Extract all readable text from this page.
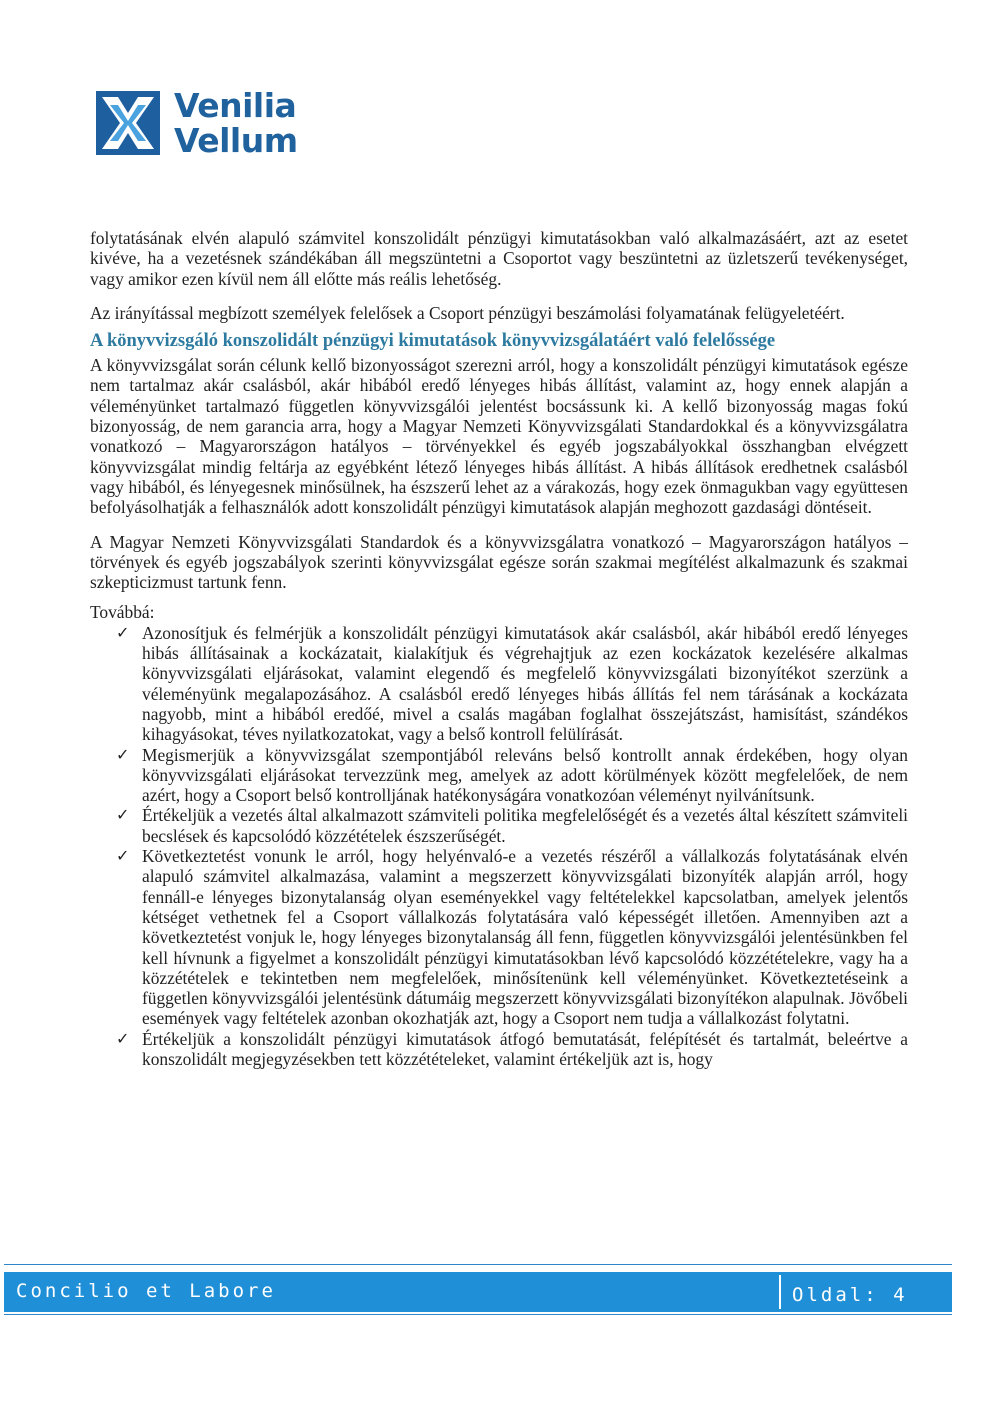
Venilia
Vellum

folytatásának elvén alapuló számvitel konszolidált pénzügyi kimutatásokban való alkalmazásáért, azt az esetet kivéve, ha a vezetésnek szándékában áll megszüntetni a Csoportot vagy beszüntetni az üzletszerű tevékenységet, vagy amikor ezen kívül nem áll előtte más reális lehetőség.

Az irányítással megbízott személyek felelősek a Csoport pénzügyi beszámolási folyamatának felügyeletéért.

A könyvvizsgáló konszolidált pénzügyi kimutatások könyvvizsgálatáért való felelőssége

A könyvvizsgálat során célunk kellő bizonyosságot szerezni arról, hogy a konszolidált pénzügyi kimutatások egésze nem tartalmaz akár csalásból, akár hibából eredő lényeges hibás állítást, valamint az, hogy ennek alapján a véleményünket tartalmazó független könyvvizsgálói jelentést bocsássunk ki. A kellő bizonyosság magas fokú bizonyosság, de nem garancia arra, hogy a Magyar Nemzeti Könyvvizsgálati Standardokkal és a könyvvizsgálatra vonatkozó – Magyarországon hatályos – törvényekkel és egyéb jogszabályokkal összhangban elvégzett könyvvizsgálat mindig feltárja az egyébként létező lényeges hibás állítást. A hibás állítások eredhetnek csalásból vagy hibából, és lényegesnek minősülnek, ha észszerű lehet az a várakozás, hogy ezek önmagukban vagy együttesen befolyásolhatják a felhasználók adott konszolidált pénzügyi kimutatások alapján meghozott gazdasági döntéseit.

A Magyar Nemzeti Könyvvizsgálati Standardok és a könyvvizsgálatra vonatkozó – Magyarországon hatályos – törvények és egyéb jogszabályok szerinti könyvvizsgálat egésze során szakmai megítélést alkalmazunk és szakmai szkepticizmust tartunk fenn.

Továbbá:

✓ Azonosítjuk és felmérjük a konszolidált pénzügyi kimutatások akár csalásból, akár hibából eredő lényeges hibás állításainak a kockázatait, kialakítjuk és végrehajtjuk az ezen kockázatok kezelésére alkalmas könyvvizsgálati eljárásokat, valamint elegendő és megfelelő könyvvizsgálati bizonyítékot szerzünk a véleményünk megalapozásához. A csalásból eredő lényeges hibás állítás fel nem tárásának a kockázata nagyobb, mint a hibából eredőé, mivel a csalás magában foglalhat összejátszást, hamisítást, szándékos kihagyásokat, téves nyilatkozatokat, vagy a belső kontroll felülírását.
✓ Megismerjük a könyvvizsgálat szempontjából releváns belső kontrollt annak érdekében, hogy olyan könyvvizsgálati eljárásokat tervezzünk meg, amelyek az adott körülmények között megfelelőek, de nem azért, hogy a Csoport belső kontrolljának hatékonyságára vonatkozóan véleményt nyilvánítsunk.
✓ Értékeljük a vezetés által alkalmazott számviteli politika megfelelőségét és a vezetés által készített számviteli becslések és kapcsolódó közzétételek észszerűségét.
✓ Következtetést vonunk le arról, hogy helyénvaló-e a vezetés részéről a vállalkozás folytatásának elvén alapuló számvitel alkalmazása, valamint a megszerzett könyvvizsgálati bizonyíték alapján arról, hogy fennáll-e lényeges bizonytalanság olyan eseményekkel vagy feltételekkel kapcsolatban, amelyek jelentős kétséget vethetnek fel a Csoport vállalkozás folytatására való képességét illetően. Amennyiben azt a következtetést vonjuk le, hogy lényeges bizonytalanság áll fenn, független könyvvizsgálói jelentésünkben fel kell hívnunk a figyelmet a konszolidált pénzügyi kimutatásokban lévő kapcsolódó közzétételekre, vagy ha a közzétételek e tekintetben nem megfelelőek, minősítenünk kell véleményünket. Következtetéseink a független könyvvizsgálói jelentésünk dátumáig megszerzett könyvvizsgálati bizonyítékon alapulnak. Jövőbeli események vagy feltételek azonban okozhatják azt, hogy a Csoport nem tudja a vállalkozást folytatni.
✓ Értékeljük a konszolidált pénzügyi kimutatások átfogó bemutatását, felépítését és tartalmát, beleértve a konszolidált megjegyzésekben tett közzétételeket, valamint értékeljük azt is, hogy
Concilio et Labore	Oldal: 4
